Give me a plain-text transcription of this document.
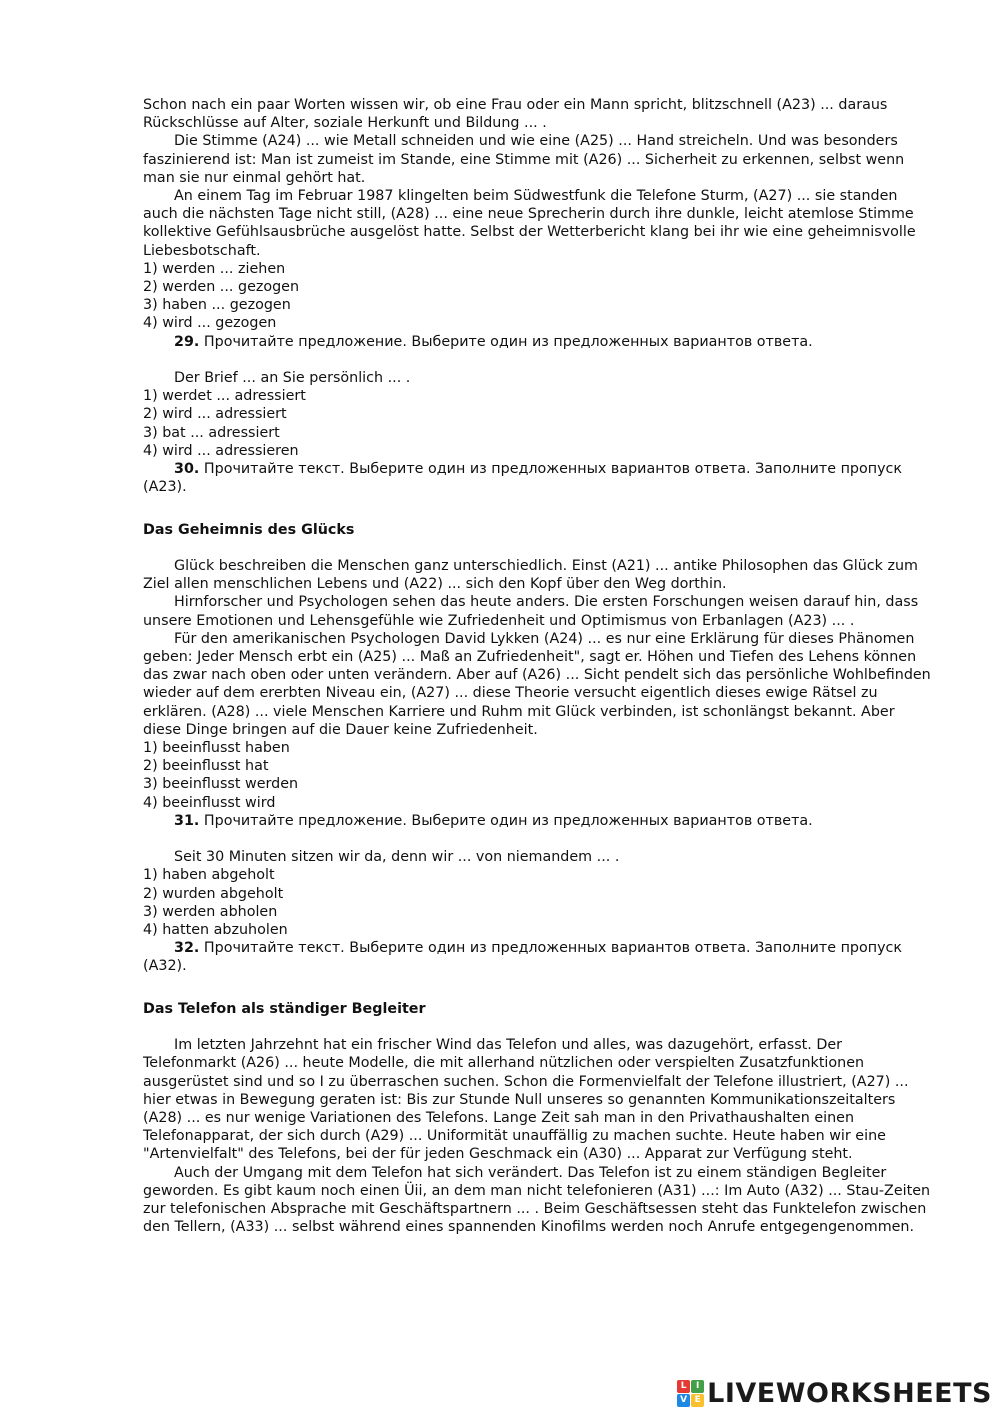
Schon nach ein paar Worten wissen wir, ob eine Frau oder ein Mann spricht, blitzschnell (A23) ... daraus Rückschlüsse auf Alter, soziale Herkunft und Bildung ... .

Die Stimme (A24) ... wie Metall schneiden und wie eine (A25) ... Hand streicheln. Und was besonders faszinierend ist: Man ist zumeist im Stande, eine Stimme mit (A26) ... Sicherheit zu erkennen, selbst wenn man sie nur einmal gehört hat.

An einem Tag im Februar 1987 klingelten beim Südwestfunk die Telefone Sturm, (A27) ... sie standen auch die nächsten Tage nicht still, (A28) ... eine neue Sprecherin durch ihre dunkle, leicht atemlose Stimme kollektive Gefühlsausbrüche ausgelöst hatte. Selbst der Wetterbericht klang bei ihr wie eine geheimnisvolle Liebesbotschaft.

1) werden ... ziehen

2) werden ... gezogen

3) haben ... gezogen

4) wird ... gezogen

29. Прочитайте предложение. Выберите один из предложенных вариантов ответа.

Der Brief ... an Sie persönlich ... .

1) werdet ... adressiert

2) wird ... adressiert

3) bat ... adressiert

4) wird ... adressieren

30. Прочитайте текст. Выберите один из предложенных вариантов ответа. Заполните пропуск (A23).

Das Geheimnis des Glücks

Glück beschreiben die Menschen ganz unterschiedlich. Einst (A21) ... antike Philosophen das Glück zum Ziel allen menschlichen Lebens und (A22) ... sich den Kopf über den Weg dorthin.

Hirnforscher und Psychologen sehen das heute anders. Die ersten Forschungen weisen darauf hin, dass unsere Emotionen und Lehensgefühle wie Zufriedenheit und Optimismus von Erbanlagen (A23) ... .

Für den amerikanischen Psychologen David Lykken (A24) ... es nur eine Erklärung für dieses Phänomen geben: Jeder Mensch erbt ein (A25) ... Maß an Zufriedenheit", sagt er. Höhen und Tiefen des Lehens können das zwar nach oben oder unten verändern. Aber auf (A26) ... Sicht pendelt sich das persönliche Wohlbefinden wieder auf dem ererbten Niveau ein, (A27) ... diese Theorie versucht eigentlich dieses ewige Rätsel zu erklären. (A28) ... viele Menschen Karriere und Ruhm mit Glück verbinden, ist schonlängst bekannt. Aber diese Dinge bringen auf die Dauer keine Zufriedenheit.

1) beeinflusst haben

2) beeinflusst hat

3) beeinflusst werden

4) beeinflusst wird

31. Прочитайте предложение. Выберите один из предложенных вариантов ответа.

Seit 30 Minuten sitzen wir da, denn wir ... von niemandem ... .

1) haben abgeholt

2) wurden abgeholt

3) werden abholen

4) hatten abzuholen

32. Прочитайте текст. Выберите один из предложенных вариантов ответа. Заполните пропуск (A32).

Das Telefon als ständiger Begleiter

Im letzten Jahrzehnt hat ein frischer Wind das Telefon und alles, was dazugehört, erfasst. Der Telefonmarkt (A26) ... heute Modelle, die mit allerhand nützlichen oder verspielten Zusatzfunktionen ausgerüstet sind und so I zu überraschen suchen. Schon die Formenvielfalt der Telefone illustriert, (A27) ... hier etwas in Bewegung geraten ist: Bis zur Stunde Null unseres so genannten Kommunikationszeitalters (A28) ... es nur wenige Variationen des Telefons. Lange Zeit sah man in den Privathaushalten einen Telefonapparat, der sich durch (A29) ... Uniformität unauffällig zu machen suchte. Heute haben wir eine "Artenvielfalt" des Telefons, bei der für jeden Geschmack ein (A30) ... Apparat zur Verfügung steht.

Auch der Umgang mit dem Telefon hat sich verändert. Das Telefon ist zu einem ständigen Begleiter geworden. Es gibt kaum noch einen Üii, an dem man nicht telefonieren (A31) ...: Im Auto (A32) ... Stau-Zeiten zur telefonischen Absprache mit Geschäftspartnern ... . Beim Geschäftsessen steht das Funktelefon zwischen den Tellern, (A33) ... selbst während eines spannenden Kinofilms werden noch Anrufe entgegengenommen.

L	I
V E LIVEWORKSHEETS
